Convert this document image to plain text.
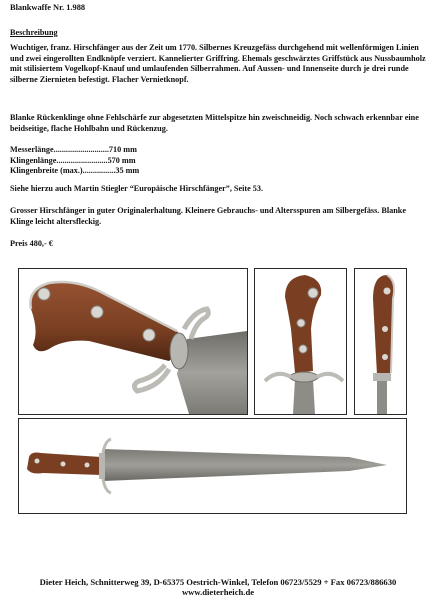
Blankwaffe Nr. 1.988
Beschreibung
Wuchtiger, franz. Hirschfänger aus der Zeit um 1770. Silbernes Kreuzgefäss durchgehend mit wellenförmigen Linien und zwei eingerollten Endknöpfe verziert. Kannelierter Griffring. Ehemals geschwärztes Griffstück aus Nussbaumholz mit stilisiertem Vogelkopf-Knauf und umlaufenden Silberrahmen. Auf Aussen- und Innenseite durch je drei runde silberne Ziernieten befestigt. Flacher Vernietknopf.
Blanke Rückenklinge ohne Fehlschärfe zur abgesetzten Mittelspitze hin zweischneidig. Noch schwach erkennbar eine beidseitige, flache Hohlbahn und Rückenzug.
Messerlänge...........................710 mm
Klingenlänge.........................570 mm
Klingenbreite (max.)................35 mm
Siehe hierzu auch Martin Stiegler “Europäische Hirschfänger”, Seite 53.
Grosser Hirschfänger in guter Originalerhaltung. Kleinere Gebrauchs- und Altersspuren am Silbergefäss. Blanke Klinge leicht altersfleckig.
Preis 480,- €
Dieter Heich, Schnitterweg 39, D-65375 Oestrich-Winkel, Telefon 06723/5529 + Fax 06723/886630
www.dieterheich.de
